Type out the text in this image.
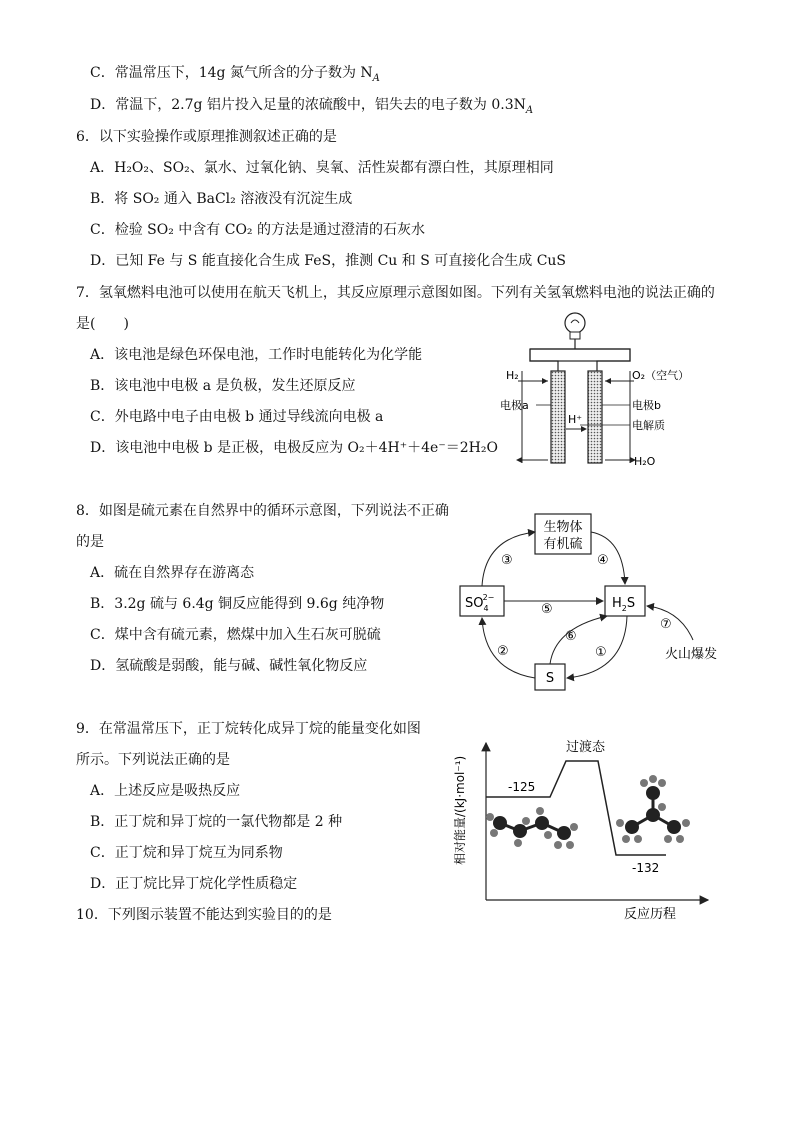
C．常温常压下，14g 氮气所含的分子数为 $N_A$
D．常温下，2.7g 铝片投入足量的浓硫酸中，铝失去的电子数为 $0.3N_A$
6．以下实验操作或原理推测叙述正确的是
A．H₂O₂、SO₂、氯水、过氧化钠、臭氧、活性炭都有漂白性，其原理相同
B．将 SO₂ 通入 BaCl₂ 溶液没有沉淀生成
C．检验 SO₂ 中含有 CO₂ 的方法是通过澄清的石灰水
D．已知 Fe 与 S 能直接化合生成 FeS，推测 Cu 和 S 可直接化合生成 CuS
7．氢氧燃料电池可以使用在航天飞机上，其反应原理示意图如图。下列有关氢氧燃料电池的说法正确的
是(　　)
A．该电池是绿色环保电池，工作时电能转化为化学能
B．该电池中电极 a 是负极，发生还原反应
C．外电路中电子由电极 b 通过导线流向电极 a
D．该电池中电极 b 是正极，电极反应为 O₂＋4H⁺＋4e⁻＝2H₂O
H₂	O₂（空气）
电极a	电极b
电解质
H⁺
H₂O
8．如图是硫元素在自然界中的循环示意图，下列说法不正确
的是
A．硫在自然界存在游离态
B．3.2g 硫与 6.4g 铜反应能得到 9.6g 纯净物
C．煤中含有硫元素，燃煤中加入生石灰可脱硫
D．氢硫酸是弱酸，能与碱、碱性氧化物反应
生物体
有机硫
$SO_42-$	$H_2S$
S
③	④
⑤
②	①
⑥
⑦
火山爆发
9．在常温常压下，正丁烷转化成异丁烷的能量变化如图
所示。下列说法正确的是
A．上述反应是吸热反应
B．正丁烷和异丁烷的一氯代物都是 2 种
C．正丁烷和异丁烷互为同系物
D．正丁烷比异丁烷化学性质稳定
相对能量/(kJ·mol⁻¹)
反应历程
过渡态
-125
-132
10．下列图示装置不能达到实验目的的是
